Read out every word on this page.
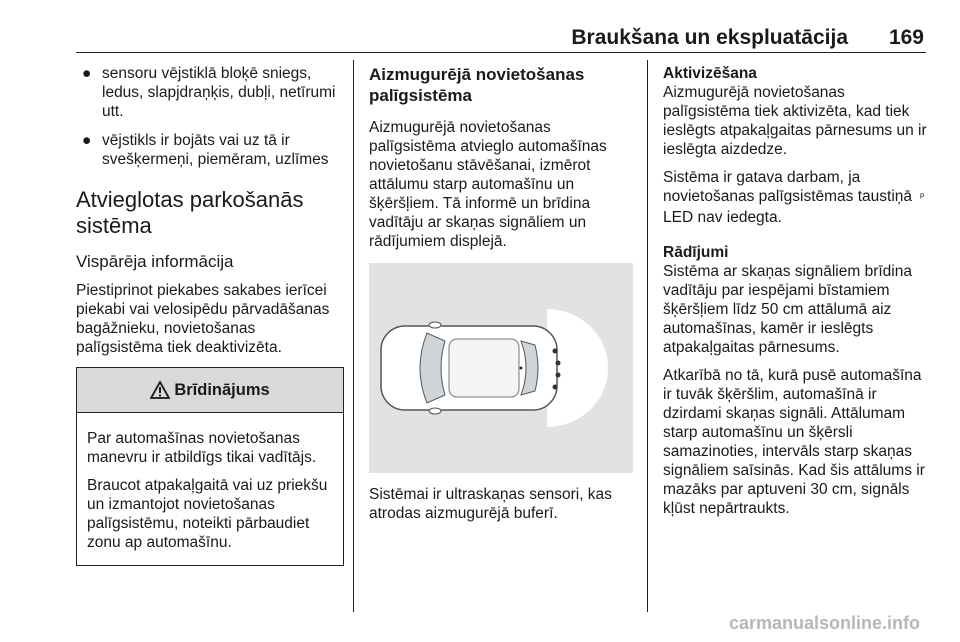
Braukšana un ekspluatācija 169
● sensoru vējstiklā bloķē sniegs, ledus, slapjdraņķis, dubļi, netīrumi utt.
● vējstikls ir bojāts vai uz tā ir svešķermeņi, piemēram, uzlīmes
Atvieglotas parkošanās sistēma
Vispārēja informācija

Piestiprinot piekabes sakabes ierīcei piekabi vai velosipēdu pārvadāšanas bagāžnieku, novietošanas palīgsistēma tiek deaktivizēta.

Brīdinājums

Par automašīnas novietošanas manevru ir atbildīgs tikai vadītājs.

Braucot atpakaļgaitā vai uz priekšu un izmantojot novietošanas palīgsistēmu, noteikti pārbaudiet zonu ap automašīnu.

Aizmugurējā novietošanas palīgsistēma

Aizmugurējā novietošanas palīgsistēma atvieglo automašīnas novietošanu stāvēšanai, izmērot attālumu starp automašīnu un šķēršļiem. Tā informē un brīdina vadītāju ar skaņas signāliem un rādījumiem displejā.

Sistēmai ir ultraskaņas sensori, kas atrodas aizmugurējā buferī.

Aktivizēšana

Aizmugurējā novietošanas palīgsistēma tiek aktivizēta, kad tiek ieslēgts atpakaļgaitas pārnesums un ir ieslēgta aizdedze.

Sistēma ir gatava darbam, ja novietošanas palīgsistēmas taustiņā ᴾ LED nav iedegta.

Rādījumi

Sistēma ar skaņas signāliem brīdina vadītāju par iespējami bīstamiem šķēršļiem līdz 50 cm attālumā aiz automašīnas, kamēr ir ieslēgts atpakaļgaitas pārnesums.

Atkarībā no tā, kurā pusē automašīna ir tuvāk šķēršlim, automašīnā ir dzirdami skaņas signāli. Attālumam starp automašīnu un šķērsli samazinoties, intervāls starp skaņas signāliem saīsinās. Kad šis attālums ir mazāks par aptuveni 30 cm, signāls kļūst nepārtraukts.

carmanualsonline.info
